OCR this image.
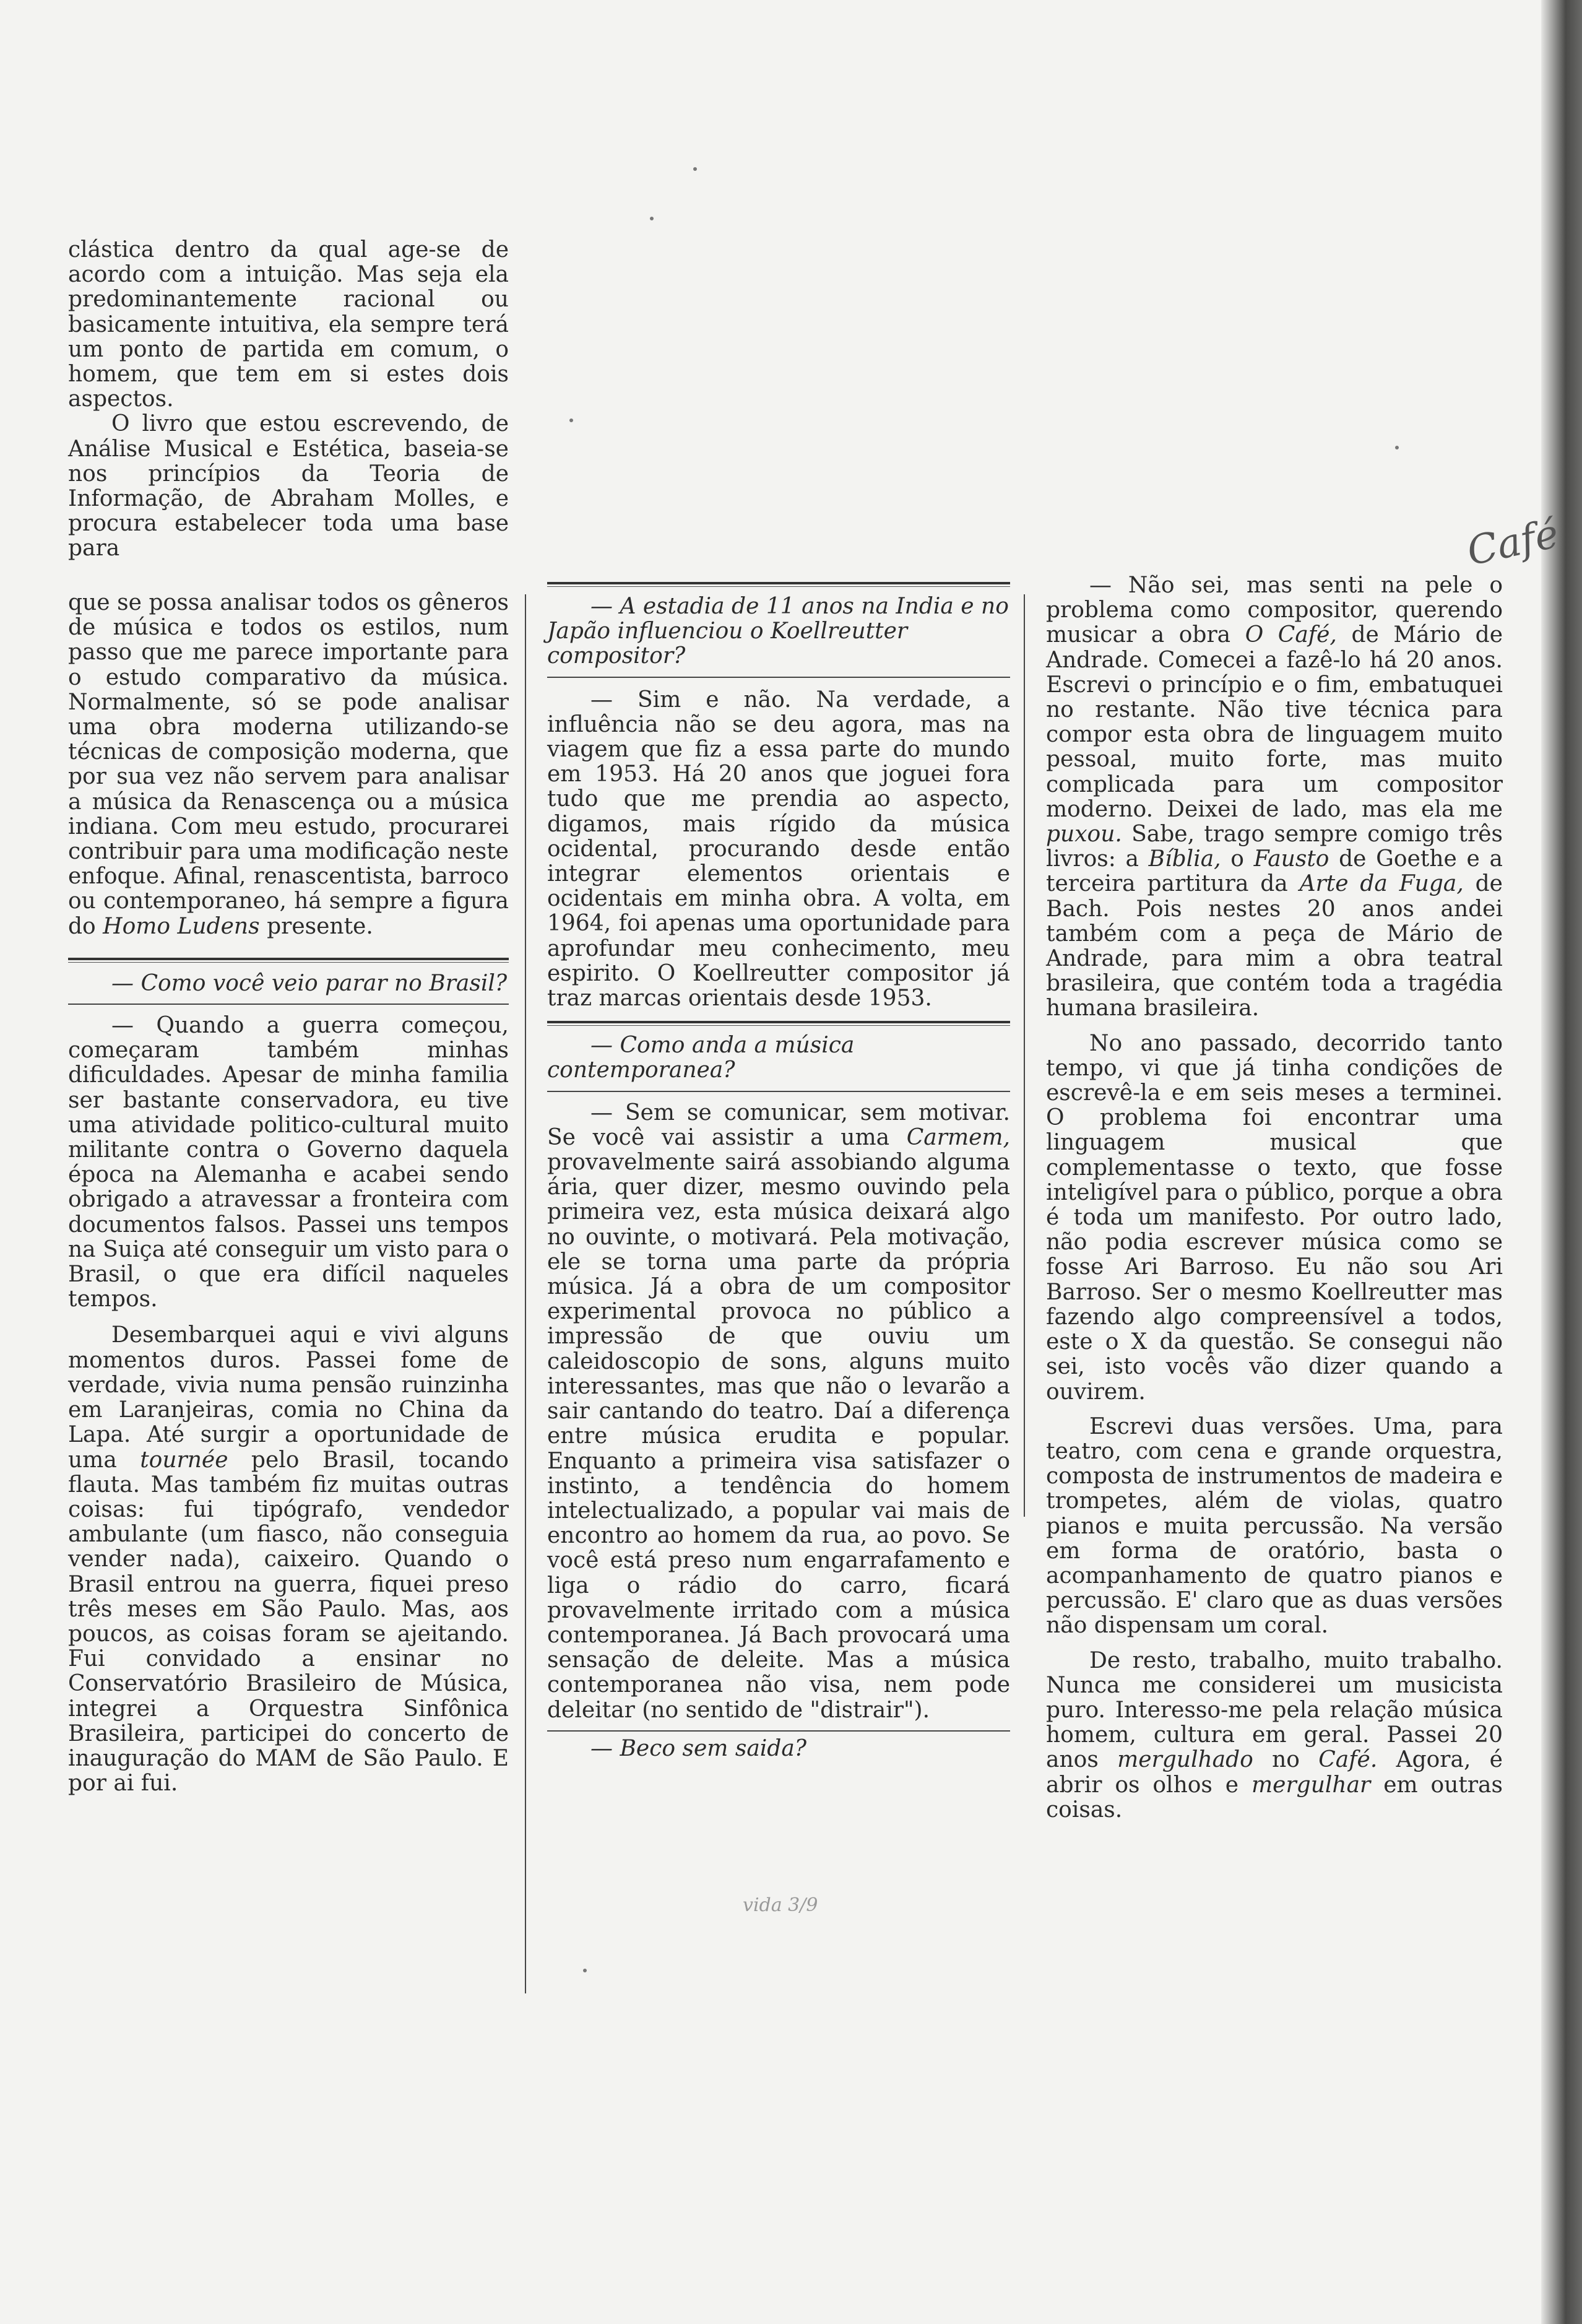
clástica dentro da qual age-se de acordo com a intuição. Mas seja ela predominantemente racional ou basicamente intuitiva, ela sempre terá um ponto de partida em comum, o homem, que tem em si estes dois aspectos.

O livro que estou escrevendo, de Análise Musical e Estética, baseia-se nos princípios da Teoria de Informação, de Abraham Molles, e procura estabelecer toda uma base para

que se possa analisar todos os gêneros de música e todos os estilos, num passo que me parece importante para o estudo comparativo da música. Normalmente, só se pode analisar uma obra moderna utilizando-se técnicas de composição moderna, que por sua vez não servem para analisar a música da Renascença ou a música indiana. Com meu estudo, procurarei contribuir para uma modificação neste enfoque. Afinal, renascentista, barroco ou contemporaneo, há sempre a figura do Homo Ludens presente.

— Como você veio parar no Brasil?

— Quando a guerra começou, começaram também minhas dificuldades. Apesar de minha familia ser bastante conservadora, eu tive uma atividade politico-cultural muito militante contra o Governo daquela época na Alemanha e acabei sendo obrigado a atravessar a fronteira com documentos falsos. Passei uns tempos na Suiça até conseguir um visto para o Brasil, o que era difícil naqueles tempos.

Desembarquei aqui e vivi alguns momentos duros. Passei fome de verdade, vivia numa pensão ruinzinha em Laranjeiras, comia no China da Lapa. Até surgir a oportunidade de uma tournée pelo Brasil, tocando flauta. Mas também fiz muitas outras coisas: fui tipógrafo, vendedor ambulante (um fiasco, não conseguia vender nada), caixeiro. Quando o Brasil entrou na guerra, fiquei preso três meses em São Paulo. Mas, aos poucos, as coisas foram se ajeitando. Fui convidado a ensinar no Conservatório Brasileiro de Música, integrei a Orquestra Sinfônica Brasileira, participei do concerto de inauguração do MAM de São Paulo. E por ai fui.

— A estadia de 11 anos na India e no Japão influenciou o Koellreutter compositor?

— Sim e não. Na verdade, a influência não se deu agora, mas na viagem que fiz a essa parte do mundo em 1953. Há 20 anos que joguei fora tudo que me prendia ao aspecto, digamos, mais rígido da música ocidental, procurando desde então integrar elementos orientais e ocidentais em minha obra. A volta, em 1964, foi apenas uma oportunidade para aprofundar meu conhecimento, meu espirito. O Koellreutter compositor já traz marcas orientais desde 1953.

— Como anda a música contemporanea?

— Sem se comunicar, sem motivar. Se você vai assistir a uma Carmem, provavelmente sairá assobiando alguma ária, quer dizer, mesmo ouvindo pela primeira vez, esta música deixará algo no ouvinte, o motivará. Pela motivação, ele se torna uma parte da própria música. Já a obra de um compositor experimental provoca no público a impressão de que ouviu um caleidoscopio de sons, alguns muito interessantes, mas que não o levarão a sair cantando do teatro. Daí a diferença entre música erudita e popular. Enquanto a primeira visa satisfazer o instinto, a tendência do homem intelectualizado, a popular vai mais de encontro ao homem da rua, ao povo. Se você está preso num engarrafamento e liga o rádio do carro, ficará provavelmente irritado com a música contemporanea. Já Bach provocará uma sensação de deleite. Mas a música contemporanea não visa, nem pode deleitar (no sentido de "distrair").

— Beco sem saida?

— Não sei, mas senti na pele o problema como compositor, querendo musicar a obra O Café, de Mário de Andrade. Comecei a fazê-lo há 20 anos. Escrevi o princípio e o fim, embatuquei no restante. Não tive técnica para compor esta obra de linguagem muito pessoal, muito forte, mas muito complicada para um compositor moderno. Deixei de lado, mas ela me puxou. Sabe, trago sempre comigo três livros: a Bíblia, o Fausto de Goethe e a terceira partitura da Arte da Fuga, de Bach. Pois nestes 20 anos andei também com a peça de Mário de Andrade, para mim a obra teatral brasileira, que contém toda a tragédia humana brasileira.

No ano passado, decorrido tanto tempo, vi que já tinha condições de escrevê-la e em seis meses a terminei. O problema foi encontrar uma linguagem musical que complementasse o texto, que fosse inteligível para o público, porque a obra é toda um manifesto. Por outro lado, não podia escrever música como se fosse Ari Barroso. Eu não sou Ari Barroso. Ser o mesmo Koellreutter mas fazendo algo compreensível a todos, este o X da questão. Se consegui não sei, isto vocês vão dizer quando a ouvirem.

Escrevi duas versões. Uma, para teatro, com cena e grande orquestra, composta de instrumentos de madeira e trompetes, além de violas, quatro pianos e muita percussão. Na versão em forma de oratório, basta o acompanhamento de quatro pianos e percussão. E' claro que as duas versões não dispensam um coral.

De resto, trabalho, muito trabalho. Nunca me considerei um musicista puro. Interesso-me pela relação música homem, cultura em geral. Passei 20 anos mergulhado no Café. Agora, é abrir os olhos e mergulhar em outras coisas.

Café
vida 3/9
